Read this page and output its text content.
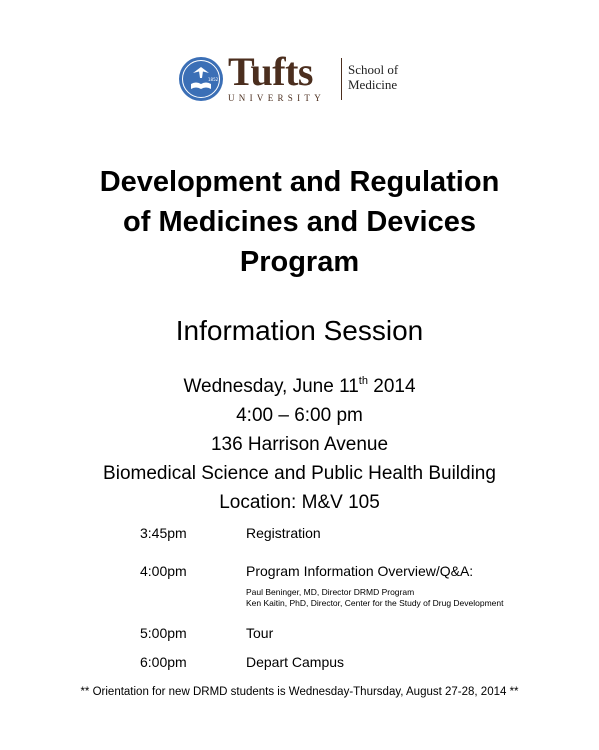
1852 Tufts
UNIVERSITY
School of
Medicine
Development and Regulation
of Medicines and Devices
Program
Information Session
Wednesday, June 11th 2014
4:00 – 6:00 pm
136 Harrison Avenue
Biomedical Science and Public Health Building
Location: M&V 105
3:45pm	Registration
4:00pm	Program Information Overview/Q&A:
Paul Beninger, MD, Director DRMD Program
Ken Kaitin, PhD, Director, Center for the Study of Drug Development
5:00pm	Tour
6:00pm	Depart Campus
** Orientation for new DRMD students is Wednesday-Thursday, August 27-28, 2014 **
